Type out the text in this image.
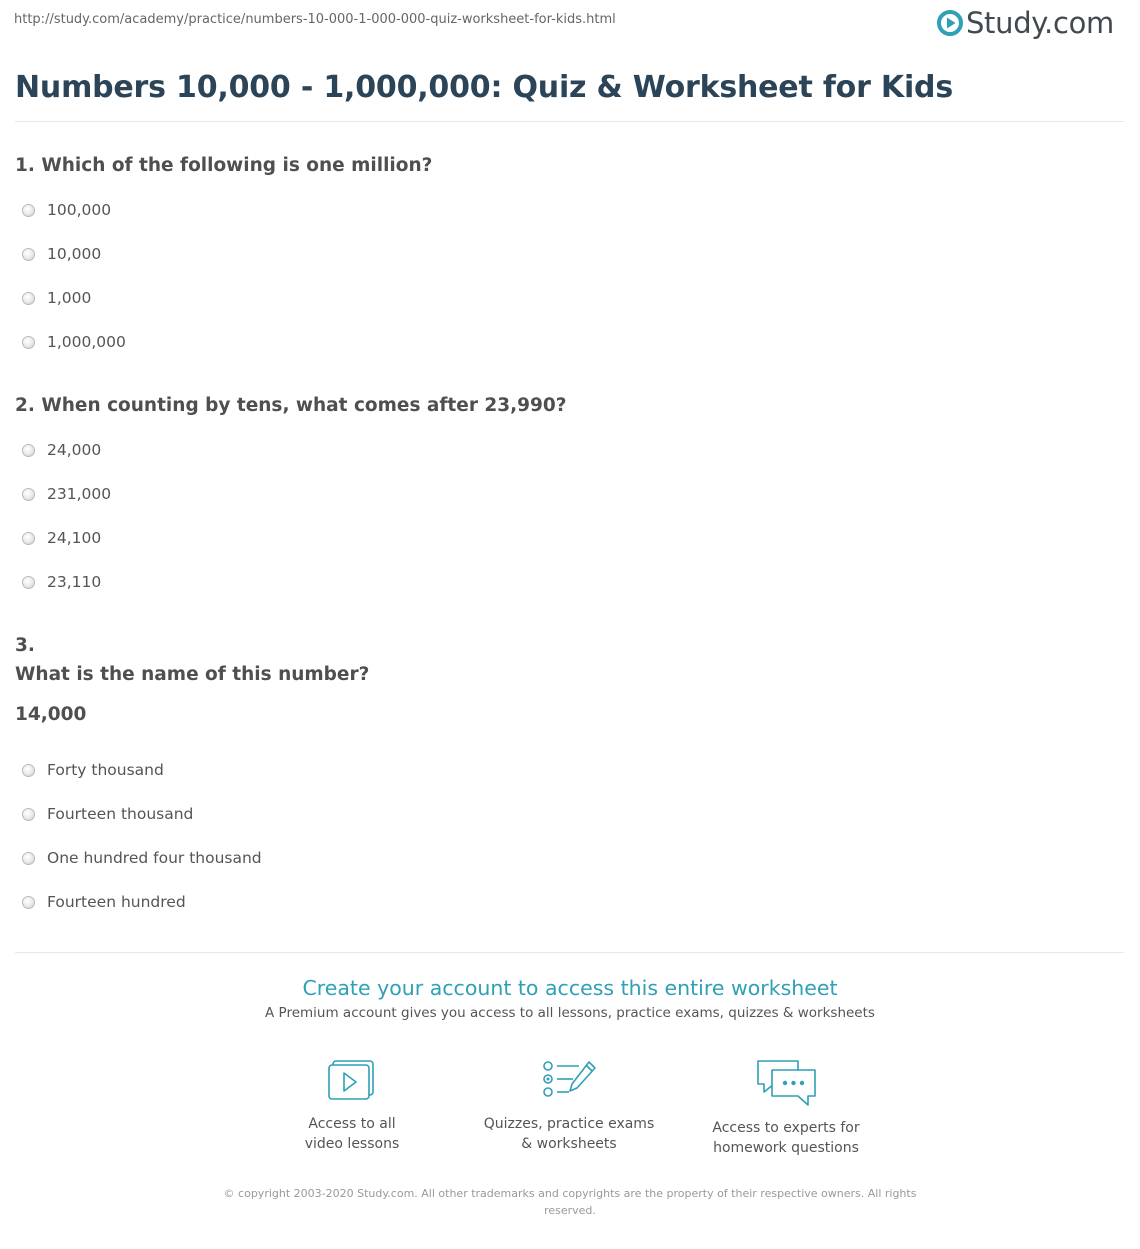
http://study.com/academy/practice/numbers-10-000-1-000-000-quiz-worksheet-for-kids.html	Study.com
Numbers 10,000 - 1,000,000: Quiz & Worksheet for Kids
1. Which of the following is one million?
100,000
10,000
1,000
1,000,000
2. When counting by tens, what comes after 23,990?
24,000
231,000
24,100
23,110
3.
What is the name of this number?
14,000
Forty thousand
Fourteen thousand
One hundred four thousand
Fourteen hundred
Create your account to access this entire worksheet
A Premium account gives you access to all lessons, practice exams, quizzes & worksheets
Access to all
video lessons
Quizzes, practice exams
& worksheets
Access to experts for
homework questions
© copyright 2003-2020 Study.com. All other trademarks and copyrights are the property of their respective owners. All rights reserved.
